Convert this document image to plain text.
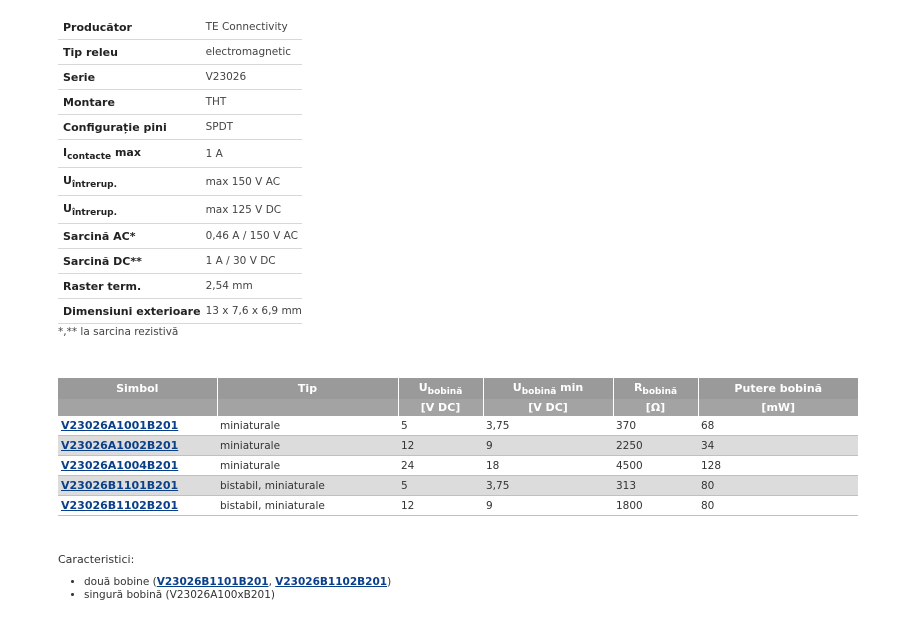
Producător	TE Connectivity
Tip releu	electromagnetic
Serie	V23026
Montare	THT
Configurație pini	SPDT
$I_{contacte}$ max	1 A
$U_{întrerup.}$	max 150 V AC
$U_{întrerup.}$	max 125 V DC
Sarcină AC*	0,46 A / 150 V AC
Sarcină DC**	1 A / 30 V DC
Raster term.	2,54 mm
Dimensiuni exterioare	13 x 7,6 x 6,9 mm
*,** la sarcina rezistivă
Simbol	Tip	$U_{bobină}$	$U_{bobină}$ min	$R_{bobină}$	Putere bobină
		[V DC]	[V DC]	[Ω]	[mW]
V23026A1001B201	miniaturale	5	3,75	370	68
V23026A1002B201	miniaturale	12	9	2250	34
V23026A1004B201	miniaturale	24	18	4500	128
V23026B1101B201	bistabil, miniaturale	5	3,75	313	80
V23026B1102B201	bistabil, miniaturale	12	9	1800	80
Caracteristici:
• două bobine (V23026B1101B201, V23026B1102B201)
• singură bobină (V23026A100xB201)
